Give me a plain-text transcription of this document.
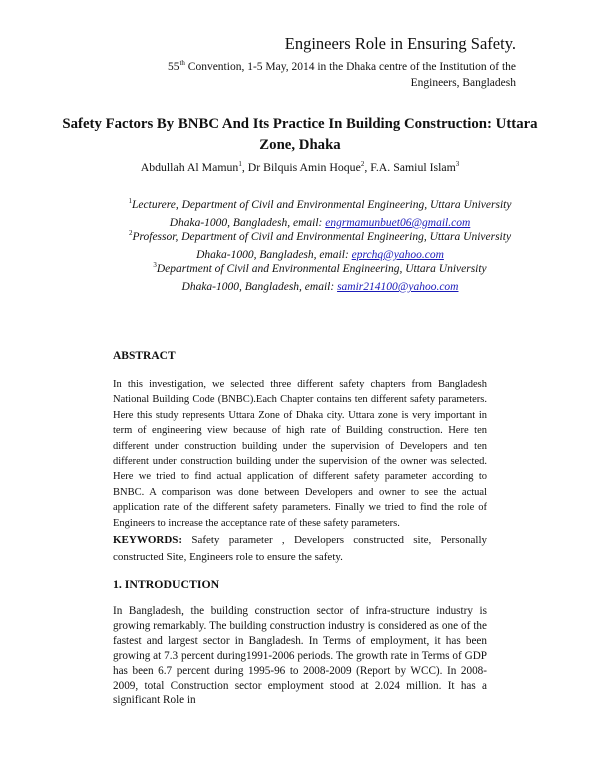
Engineers Role in Ensuring Safety.
55th Convention, 1-5 May, 2014 in the Dhaka centre of the Institution of the Engineers, Bangladesh
Safety Factors By BNBC And Its Practice In Building Construction: Uttara Zone, Dhaka
Abdullah Al Mamun$^1$, Dr Bilquis Amin Hoque$^2$, F.A. Samiul Islam$^3$
$^1$Lecturere, Department of Civil and Environmental Engineering, Uttara University
Dhaka-1000, Bangladesh, email: engrmamunbuet06@gmail.com
$^2$Professor, Department of Civil and Environmental Engineering, Uttara University
Dhaka-1000, Bangladesh, email: eprchq@yahoo.com
$^3$Department of Civil and Environmental Engineering, Uttara University
Dhaka-1000, Bangladesh, email: samir214100@yahoo.com
ABSTRACT
In this investigation, we selected three different safety chapters from Bangladesh National Building Code (BNBC).Each Chapter contains ten different safety parameters. Here this study represents Uttara Zone of Dhaka city. Uttara zone is very important in term of engineering view because of high rate of Building construction. Here ten different under construction building under the supervision of Developers and ten different under construction building under the supervision of the owner was selected. Here we tried to find actual application of different safety parameter according to BNBC. A comparison was done between Developers and owner to see the actual application rate of the different safety parameters. Finally we tried to find the role of Engineers to increase the acceptance rate of these safety parameters.
KEYWORDS: Safety parameter , Developers constructed site, Personally constructed Site, Engineers role to ensure the safety.
1. INTRODUCTION
In Bangladesh, the building construction sector of infra-structure industry is growing remarkably. The building construction industry is considered as one of the fastest and largest sector in Bangladesh. In Terms of employment, it has been growing at 7.3 percent during1991-2006 periods. The growth rate in Terms of GDP has been 6.7 percent during 1995-96 to 2008-2009 (Report by WCC). In 2008-2009, total Construction sector employment stood at 2.024 million. It has a significant Role in
